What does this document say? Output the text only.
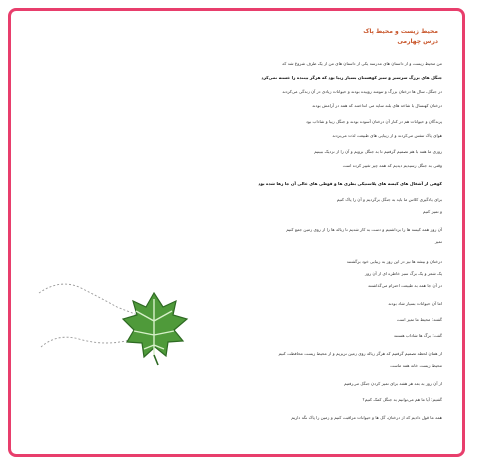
محیط زیست و محیط پاک
درس چهارمی
من محیط زیست و از داستان های مدرسه یکی از داستان های من از یک طرف شروع شد که
جنگل های بزرگ سرسبز و سبز کوهستان بسیار زیبا بود که هرگز بیننده را خسته نمی‌کرد
در جنگل، سال ها درختان بزرگ و تنومند روییده بودند و حیوانات زیادی در آن زندگی می‌کردند
درختان کهنسال با شاخه های بلند سایه می انداختند که همه در آرامش بودند
پرندگان و حیوانات هم در کنار آن درختان آسوده بودند و جنگل زیبا و شاداب بود
هوای پاک تنفس می‌کردند و از زیبایی های طبیعت لذت می‌بردند
روزی ما همه با هم تصمیم گرفتیم تا به جنگل برویم و آن را از نزدیک ببینیم
وقتی به جنگل رسیدیم دیدیم که همه چیز تغییر کرده است
کوهی از آشغال های کیسه های پلاستیکی بطری ها و قوطی های خالی آن جا رها شده بود
برای یادگیری کلاس ما باید به جنگل برگردیم و آن را پاک کنیم
و تمیز کنیم
آن روز همه کیسه ها را برداشتیم و دست به کار شدیم تا زباله ها را از روی زمین جمع کنیم
تمیز
درختان و بیشه ها نیز در این روز به زیبایی خود برگشتند
یک شعر و یک برگ سبز خاطره ای از آن روز
در آن جا همه به طبیعت احترام می‌گذاشتند
اما آن حیوانات بسیار شاد بودند
گفتند: محیط ما تمیز است
گفت: برگ ها شاداب هستند
از همان لحظه تصمیم گرفتیم که هرگز زباله روی زمین نریزیم و از محیط زیست محافظت کنیم
محیط زیست خانه همه ماست
از آن روز به بعد هر هفته برای تمیز کردن جنگل می‌رفتیم
گفتیم: آیا ما هم می‌توانیم به جنگل کمک کنیم؟
همه ما قول دادیم که از درختان، گل ها و حیوانات مراقبت کنیم و زمین را پاک نگه داریم
